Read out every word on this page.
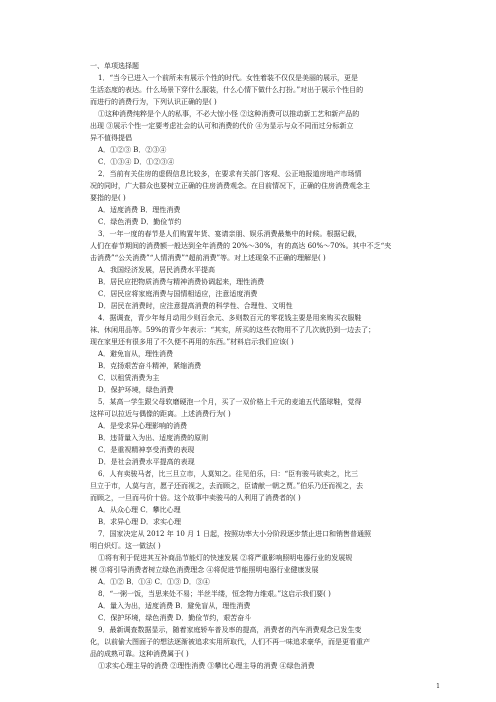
一、单项选择题
1．“当今已进入一个前所未有展示个性的时代。女性着装不仅仅是美丽的展示，更是
生活态度的表达。什么场景下穿什么服装，什么心情下做什么打扮。”对出于展示个性目的
而进行的消费行为，下列认识正确的是( )
①这种消费纯粹是个人的私事，不必大惊小怪 ②这种消费可以推动新工艺和新产品的
出现 ③展示个性一定要考虑社会的认可和消费的代价 ④为显示与众不同而过分标新立
异不值得提倡
A．①②③ B．②③④
C．①③④ D．①②③④
2．当前有关住房的虚假信息比较多，在要求有关部门客观、公正地报道房地产市场情
况的同时，广大群众也要树立正确的住房消费观念。在目前情况下，正确的住房消费观念主
要指的是( )
A．适度消费 B．理性消费
C．绿色消费 D．勤俭节约
3．一年一度的春节是人们购置年货、宴请亲朋、娱乐消费最集中的时候。根据记载，
人们在春节期间的消费额一般达到全年消费的 20%～30%，有的高达 60%～70%。其中不乏“夹
击消费”“公关消费”“人情消费”“超前消费”等。对上述现象不正确的理解是( )
A．我国经济发展，居民消费水平提高
B．居民应把物质消费与精神消费协调起来，理性消费
C．居民应将家庭消费与国情相适应，注意适度消费
D．居民在消费时，应注意提高消费的科学性、合理性、文明性
4．据调查，青少年每月动用少则百余元、多则数百元的零花钱主要是用来购买衣服鞋
袜、休闲用品等。59%的青少年表示：“其实，所买的这些衣物用不了几次就扔到一边去了；
现在家里还有很多用了不久便不再用的东西。”材料启示我们应该( )
A．避免盲从，理性消费
B．克扬艰苦奋斗精神，紧缩消费
C．以租赁消费为主
D．保护环境，绿色消费
5．某高一学生跟父母软磨硬泡一个月，买了一双价格上千元的麦迪五代篮球鞋，觉得
这样可以拉近与偶像的距离。上述消费行为( )
A．是受求异心理影响的消费
B．违背量入为出、适度消费的原则
C．是重视精神享受消费的表现
D．是社会消费水平提高的表现
6．人有卖骏马者，比三旦立市，人莫知之。往见伯乐，曰：“臣有骏马欲卖之，比三
旦立于市，人莫与言，愿子还而视之，去而顾之，臣请献一朝之贾。”伯乐乃还而视之，去
而顾之，一旦而马价十倍。这个故事中卖骏马的人利用了消费者的( )
A．从众心理 C．攀比心理
B．求异心理 D．求实心理
7．国家决定从 2012 年 10 月 1 日起，按照功率大小分阶段逐步禁止进口和销售普通照
明白炽灯。这一做法( )
①将有利于促进其互补商品节能灯的快速发展 ②将严重影响照明电器行业的发展规
模 ③将引导消费者树立绿色消费理念 ④将促进节能照明电器行业健康发展
A．①② B．①④ C．①③ D．③④
8．“一粥一饭，当思来处不易；半丝半缕，恒念物力维艰。”这启示我们要( )
A．量入为出，适度消费 B．避免盲从，理性消费
C．保护环境，绿色消费 D．勤俭节约，艰苦奋斗
9．最新调查数据显示，随着家庭轿车普及率的提高，消费者的汽车消费观念已发生变
化，以前偷大图面子的想法逐渐被追求实用所取代，人们不再一味追求豪华，而是更看重产
品的成熟可靠。这种消费属于( )
①求实心理主导的消费 ②理性消费 ③攀比心理主导的消费 ④绿色消费
1
